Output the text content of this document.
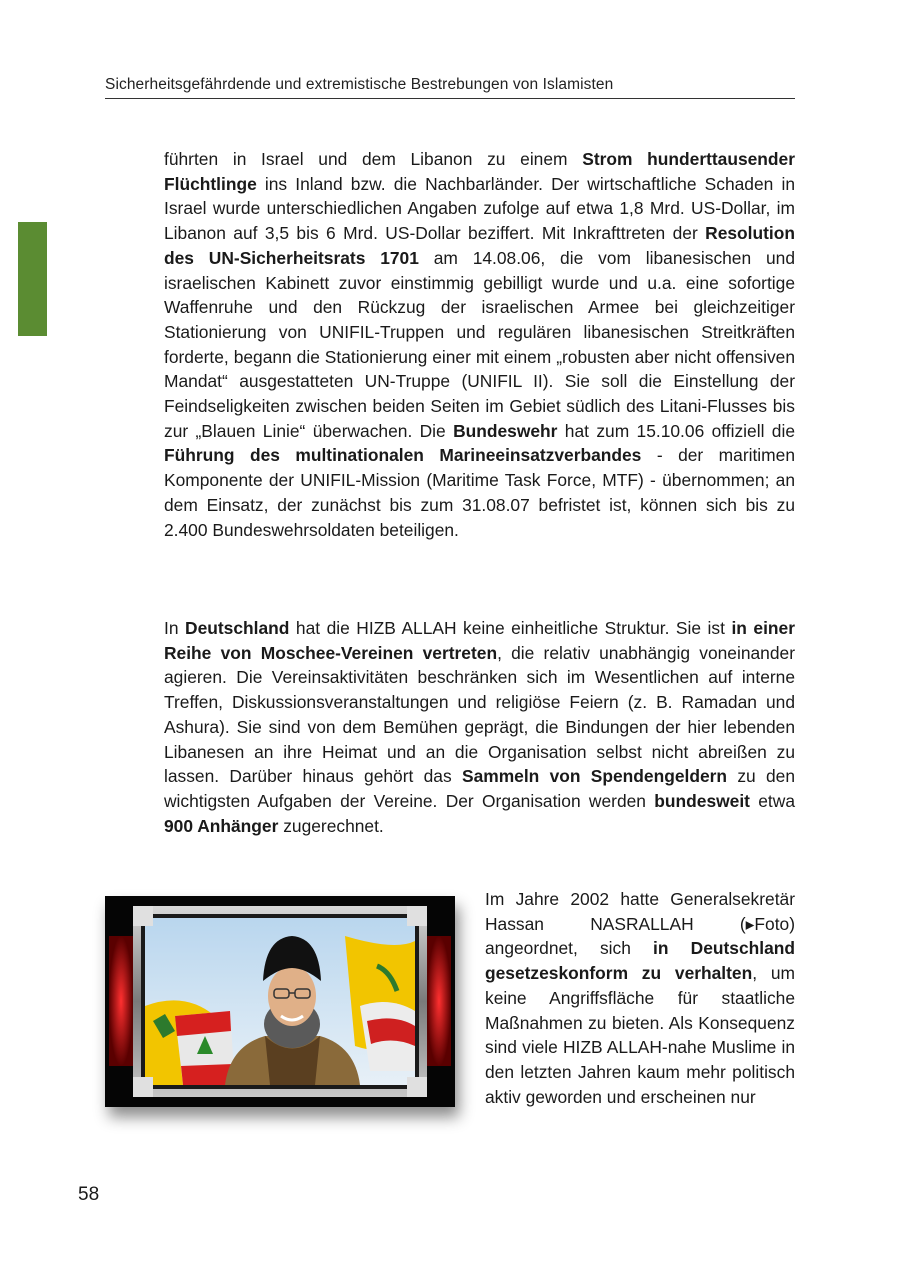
Sicherheitsgefährdende und extremistische Bestrebungen von Islamisten
führten in Israel und dem Libanon zu einem Strom hunderttausender Flüchtlinge ins Inland bzw. die Nachbarländer. Der wirtschaftliche Schaden in Israel wurde unterschiedlichen Angaben zufolge auf etwa 1,8 Mrd. US-Dollar, im Libanon auf 3,5 bis 6 Mrd. US-Dollar beziffert. Mit Inkrafttreten der Resolution des UN-Sicherheitsrats 1701 am 14.08.06, die vom libanesischen und israelischen Kabinett zuvor einstimmig gebilligt wurde und u.a. eine sofortige Waffenruhe und den Rückzug der israelischen Armee bei gleichzeitiger Stationierung von UNIFIL-Truppen und regulären libanesischen Streitkräften forderte, begann die Stationierung einer mit einem „robusten aber nicht offensiven Mandat“ ausgestatteten UN-Truppe (UNIFIL II). Sie soll die Einstellung der Feindseligkeiten zwischen beiden Seiten im Gebiet südlich des Litani-Flusses bis zur „Blauen Linie“ überwachen. Die Bundeswehr hat zum 15.10.06 offiziell die Führung des multinationalen Marineeinsatzverbandes - der maritimen Komponente der UNIFIL-Mission (Maritime Task Force, MTF) - übernommen; an dem Einsatz, der zunächst bis zum 31.08.07 befristet ist, können sich bis zu 2.400 Bundeswehrsoldaten beteiligen.
In Deutschland hat die HIZB ALLAH keine einheitliche Struktur. Sie ist in einer Reihe von Moschee-Vereinen vertreten, die relativ unabhängig voneinander agieren. Die Vereinsaktivitäten beschränken sich im Wesentlichen auf interne Treffen, Diskussionsveranstaltungen und religiöse Feiern (z. B. Ramadan und Ashura). Sie sind von dem Bemühen geprägt, die Bindungen der hier lebenden Libanesen an ihre Heimat und an die Organisation selbst nicht abreißen zu lassen. Darüber hinaus gehört das Sammeln von Spendengeldern zu den wichtigsten Aufgaben der Vereine. Der Organisation werden bundesweit etwa 900 Anhänger zugerechnet.
Im Jahre 2002 hatte Generalsekretär Hassan NASRALLAH (▸Foto) angeordnet, sich in Deutschland gesetzeskonform zu verhalten, um keine Angriffsfläche für staatliche Maßnahmen zu bieten. Als Konsequenz sind viele HIZB ALLAH-nahe Muslime in den letzten Jahren kaum mehr politisch aktiv geworden und erscheinen nur
58
